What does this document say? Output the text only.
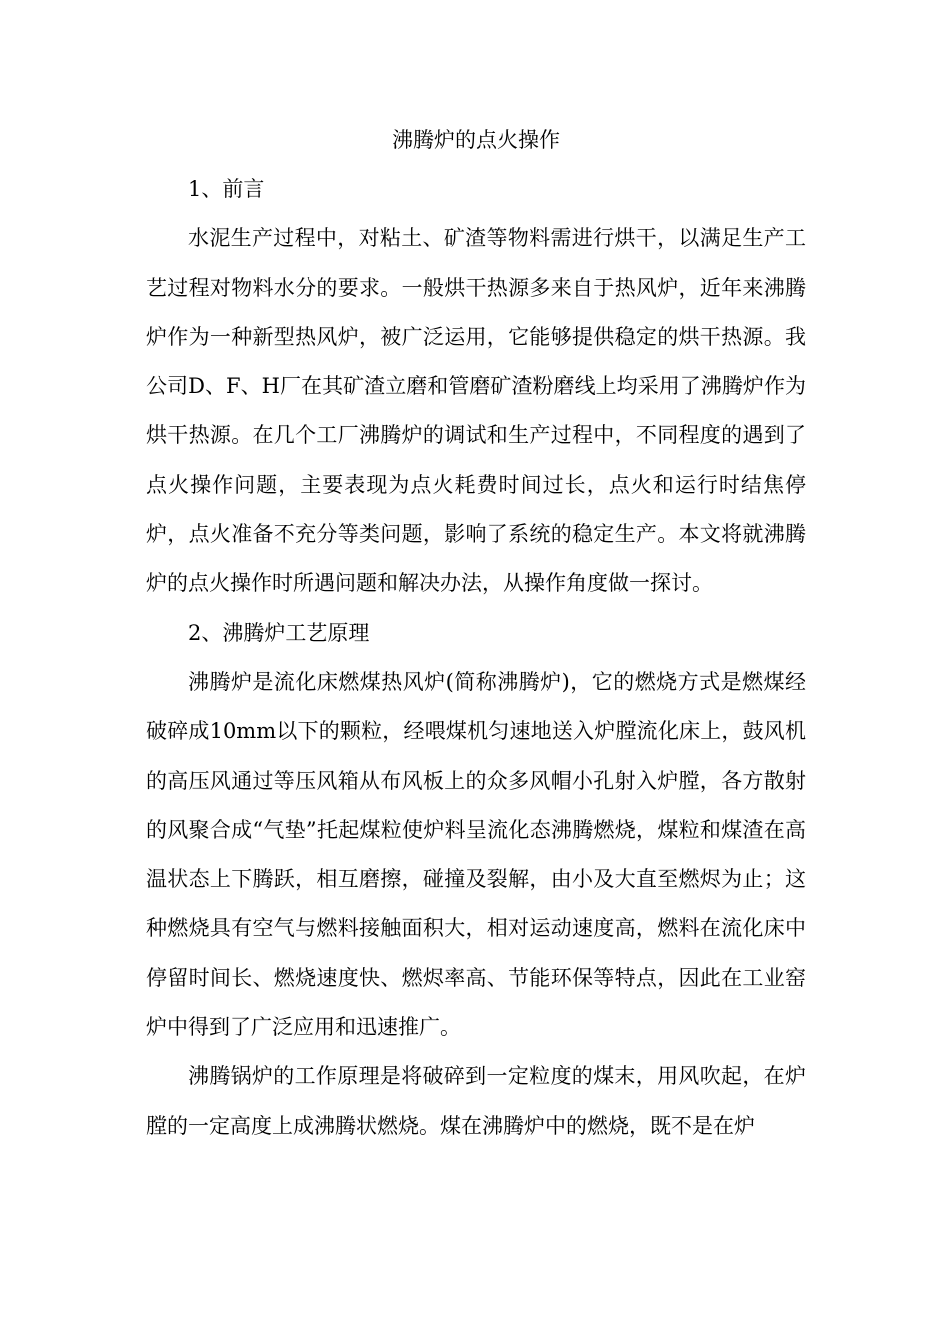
沸腾炉的点火操作

1、前言

水泥生产过程中，对粘土、矿渣等物料需进行烘干，以满足生产工艺过程对物料水分的要求。一般烘干热源多来自于热风炉，近年来沸腾炉作为一种新型热风炉，被广泛运用，它能够提供稳定的烘干热源。我公司D、F、H厂在其矿渣立磨和管磨矿渣粉磨线上均采用了沸腾炉作为烘干热源。在几个工厂沸腾炉的调试和生产过程中，不同程度的遇到了点火操作问题，主要表现为点火耗费时间过长，点火和运行时结焦停炉，点火准备不充分等类问题，影响了系统的稳定生产。本文将就沸腾炉的点火操作时所遇问题和解决办法，从操作角度做一探讨。

2、沸腾炉工艺原理

沸腾炉是流化床燃煤热风炉(简称沸腾炉)，它的燃烧方式是燃煤经破碎成10mm以下的颗粒，经喂煤机匀速地送入炉膛流化床上，鼓风机的高压风通过等压风箱从布风板上的众多风帽小孔射入炉膛，各方散射的风聚合成“气垫”托起煤粒使炉料呈流化态沸腾燃烧，煤粒和煤渣在高温状态上下腾跃，相互磨擦，碰撞及裂解，由小及大直至燃烬为止；这种燃烧具有空气与燃料接触面积大，相对运动速度高，燃料在流化床中停留时间长、燃烧速度快、燃烬率高、节能环保等特点，因此在工业窑炉中得到了广泛应用和迅速推广。

沸腾锅炉的工作原理是将破碎到一定粒度的煤末，用风吹起，在炉膛的一定高度上成沸腾状燃烧。煤在沸腾炉中的燃烧，既不是在炉
